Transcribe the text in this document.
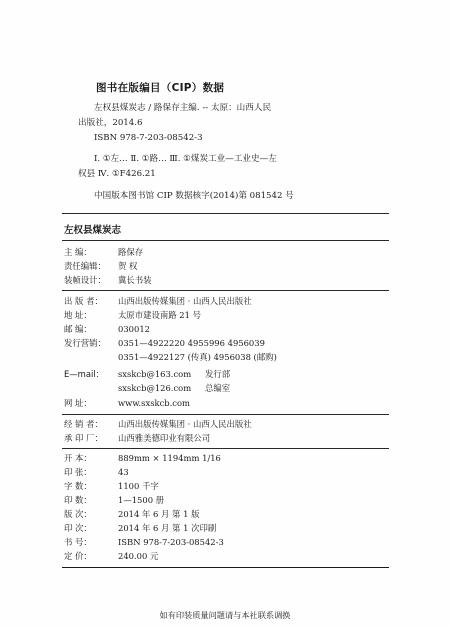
图书在版编目（CIP）数据
左权县煤炭志 / 路保存主编. -- 太原：山西人民
出版社，2014.6
ISBN 978-7-203-08542-3
Ⅰ. ①左… Ⅱ. ①路… Ⅲ. ①煤炭工业—工业史—左
权县 Ⅳ. ①F426.21
中国版本图书馆 CIP 数据核字(2014)第 081542 号
左权县煤炭志
主 编：	路保存
责任编辑： 贺 权
装帧设计： 冀长书装
出 版 者： 山西出版传媒集团 · 山西人民出版社
地 址：	太原市建设南路 21 号
邮 编：	030012
发行营销： 0351—4922220 4955996 4956039
0351—4922127 (传真) 4956038 (邮购)
E—mail： sxskcb@163.com 发行部
sxskcb@126.com 总编室
网 址：	www.sxskcb.com
经 销 者： 山西出版传媒集团 · 山西人民出版社
承 印 厂： 山西雅美德印业有限公司
开 本：	889mm × 1194mm 1/16
印 张：	43
字 数：	1100 千字
印 数：	1—1500 册
版 次：	2014 年 6 月 第 1 版
印 次：	2014 年 6 月 第 1 次印刷
书 号：	ISBN 978-7-203-08542-3
定 价：	240.00 元
如有印装质量问题请与本社联系调换
